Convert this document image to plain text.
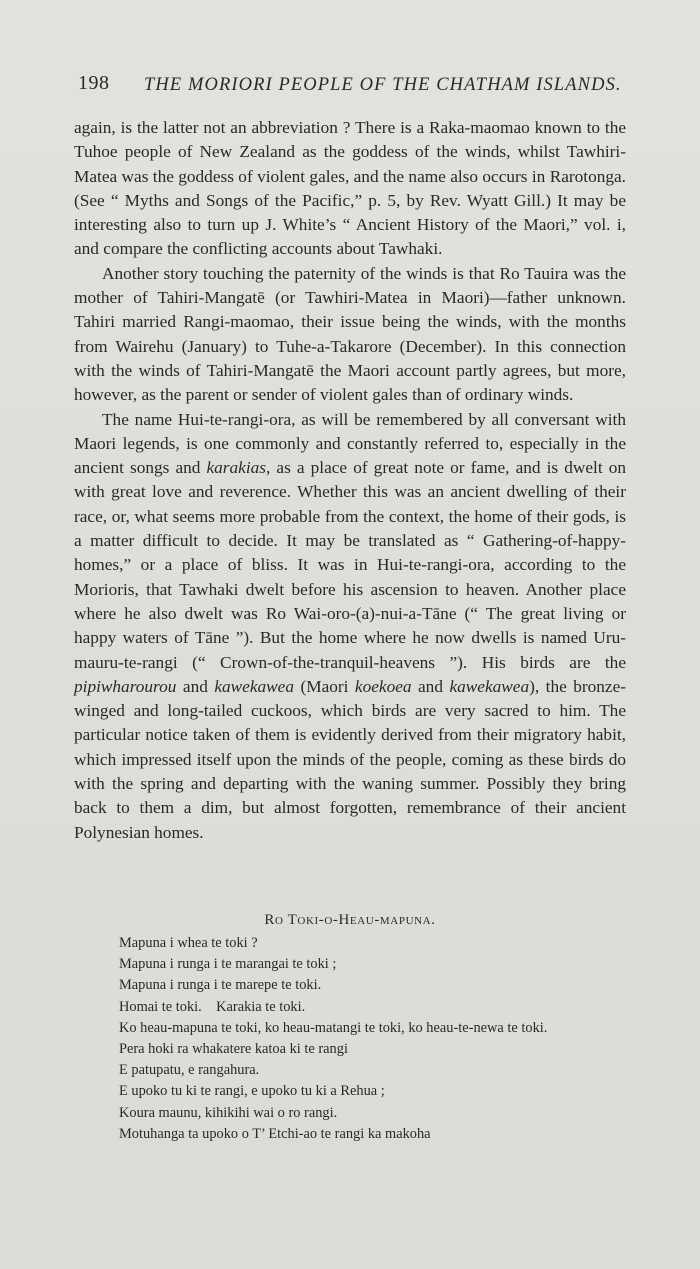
198 THE MORIORI PEOPLE OF THE CHATHAM ISLANDS.

again, is the latter not an abbreviation ? There is a Raka-maomao known to the Tuhoe people of New Zealand as the goddess of the winds, whilst Tawhiri-Matea was the goddess of violent gales, and the name also occurs in Rarotonga. (See “ Myths and Songs of the Pacific,” p. 5, by Rev. Wyatt Gill.) It may be interesting also to turn up J. White’s “ Ancient History of the Maori,” vol. i, and compare the conflicting accounts about Tawhaki.

Another story touching the paternity of the winds is that Ro Tauira was the mother of Tahiri-Mangatē (or Tawhiri-Matea in Maori)—father unknown. Tahiri married Rangi-maomao, their issue being the winds, with the months from Wairehu (January) to Tuhe-a-Takarore (December). In this connection with the winds of Tahiri-Mangatē the Maori account partly agrees, but more, however, as the parent or sender of violent gales than of ordinary winds.

The name Hui-te-rangi-ora, as will be remembered by all conversant with Maori legends, is one commonly and constantly referred to, especially in the ancient songs and karakias, as a place of great note or fame, and is dwelt on with great love and reverence. Whether this was an ancient dwelling of their race, or, what seems more probable from the context, the home of their gods, is a matter difficult to decide. It may be translated as “ Gathering-of-happy-homes,” or a place of bliss. It was in Hui-te-rangi-ora, according to the Morioris, that Tawhaki dwelt before his ascension to heaven. Another place where he also dwelt was Ro Wai-oro-(a)-nui-a-Tāne (“ The great living or happy waters of Tāne ”). But the home where he now dwells is named Uru-mauru-te-rangi (“ Crown-of-the-tranquil-heavens ”). His birds are the pipiwharourou and kawekawea (Maori koekoea and kawekawea), the bronze-winged and long-tailed cuckoos, which birds are very sacred to him. The particular notice taken of them is evidently derived from their migratory habit, which impressed itself upon the minds of the people, coming as these birds do with the spring and departing with the waning summer. Possibly they bring back to them a dim, but almost forgotten, remembrance of their ancient Polynesian homes.

Ro Toki-o-Heau-mapuna.
Mapuna i whea te toki ?
Mapuna i runga i te marangai te toki ;
Mapuna i runga i te marepe te toki.
Homai te toki. Karakia te toki.
Ko heau-mapuna te toki, ko heau-matangi te toki, ko heau-te-newa te toki.
Pera hoki ra whakatere katoa ki te rangi
E patupatu, e rangahura.
E upoko tu ki te rangi, e upoko tu ki a Rehua ;
Koura maunu, kihikihi wai o ro rangi.
Motuhanga ta upoko o T’ Etchi-ao te rangi ka makoha
